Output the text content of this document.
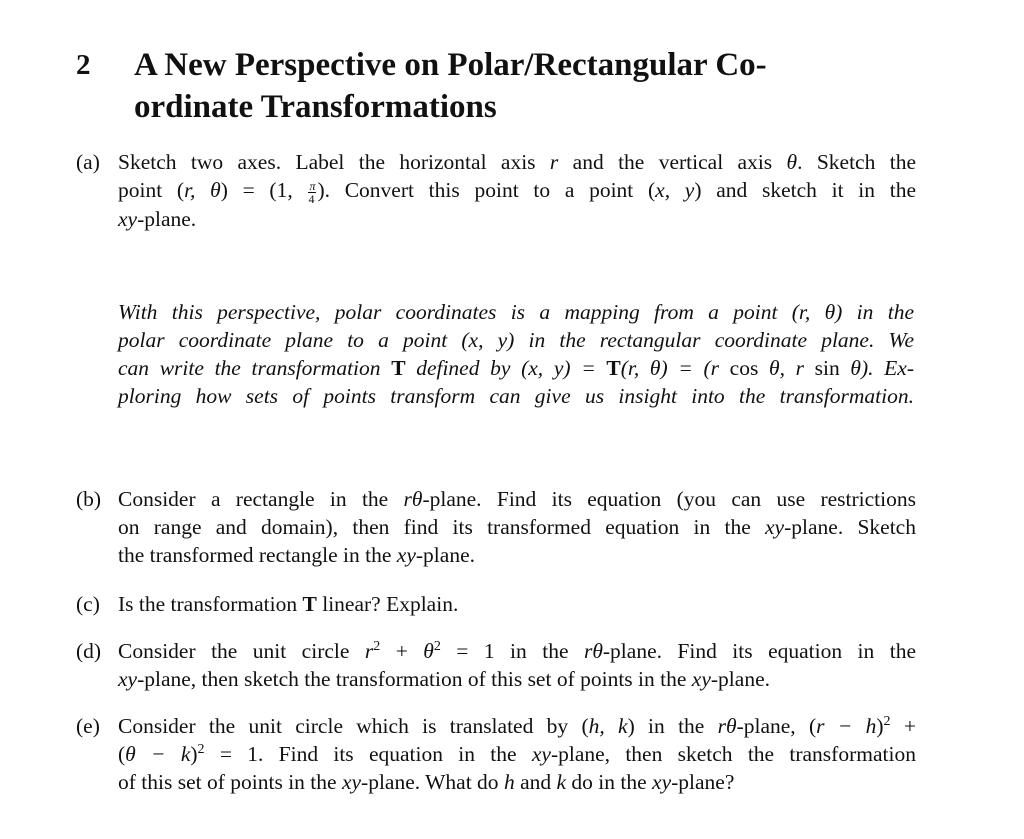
2	A New Perspective on Polar/Rectangular Co-
ordinate Transformations
(a) Sketch two axes. Label the horizontal axis r and the vertical axis θ. Sketch the
point (r, θ) = (1, $\frac{\pi}{4}$ ). Convert this point to a point (x, y) and sketch it in the
xy-plane.
With this perspective, polar coordinates is a mapping from a point (r, θ) in the
polar coordinate plane to a point (x, y) in the rectangular coordinate plane. We
can write the transformation T defined by (x, y) = T(r, θ) = (r cos θ, r sin θ). Ex-
ploring how sets of points transform can give us insight into the transformation.
(b) Consider a rectangle in the rθ-plane. Find its equation (you can use restrictions
on range and domain), then find its transformed equation in the xy-plane. Sketch
the transformed rectangle in the xy-plane.
(c) Is the transformation T linear? Explain.
(d) Consider the unit circle $r^2 + \theta^2 = 1$ in the rθ-plane. Find its equation in the
xy-plane, then sketch the transformation of this set of points in the xy-plane.
(e) Consider the unit circle which is translated by (h, k) in the rθ-plane, $(r - h)^2$ +
$(\theta - k)^2 = 1$. Find its equation in the xy-plane, then sketch the transformation
of this set of points in the xy-plane. What do h and k do in the xy-plane?
